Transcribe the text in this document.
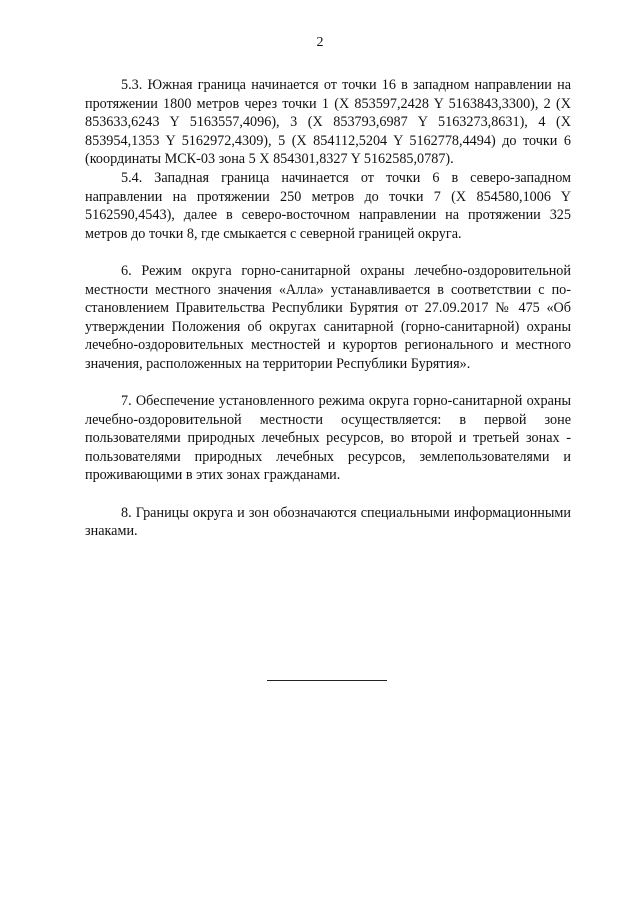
2

5.3. Южная граница начинается от точки 16 в западном направлении на протяжении 1800 метров через точки 1 (X 853597,2428 Y 5163843,3300), 2 (X 853633,6243 Y 5163557,4096), 3 (X 853793,6987 Y 5163273,8631), 4 (X 853954,1353 Y 5162972,4309), 5 (X 854112,5204 Y 5162778,4494) до точки 6 (координаты МСК-03 зона 5 X 854301,8327 Y 5162585,0787).

5.4. Западная граница начинается от точки 6 в северо-западном направлении на протяжении 250 метров до точки 7 (X 854580,1006 Y 5162590,4543), далее в северо-восточном направлении на протяжении 325 метров до точки 8, где смыкается с северной границей округа.

6. Режим округа горно-санитарной охраны лечебно-оздоровительной местности местного значения «Алла» устанавливается в соответствии с постановлением Правительства Республики Бурятия от 27.09.2017 № 475 «Об утверждении Положения об округах санитарной (горно-санитарной) охраны лечебно-оздоровительных местностей и курортов регионального и местного значения, расположенных на территории Республики Бурятия».

7. Обеспечение установленного режима округа горно-санитарной охраны лечебно-оздоровительной местности осуществляется: в первой зоне пользователями природных лечебных ресурсов, во второй и третьей зонах - пользователями природных лечебных ресурсов, землепользователями и проживающими в этих зонах гражданами.

8. Границы округа и зон обозначаются специальными информационными знаками.
